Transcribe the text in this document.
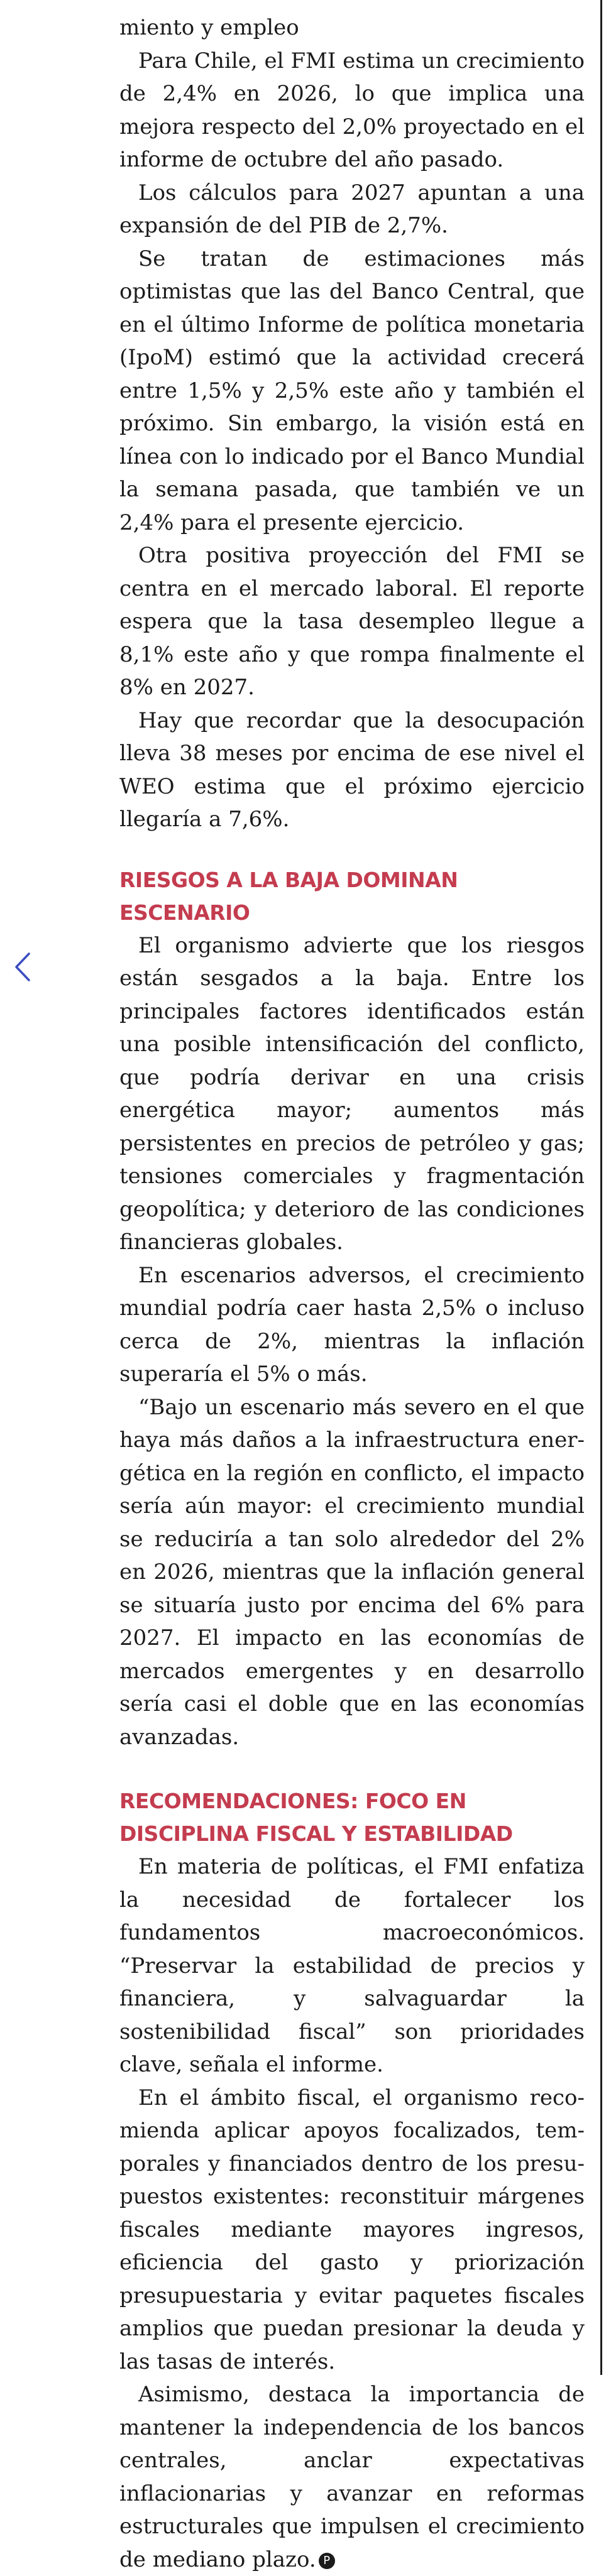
miento y empleo

Para Chile, el FMI estima un crecimiento de 2,4% en 2026, lo que implica una mejora respecto del 2,0% proyectado en el informe de octubre del año pasado.

Los cálculos para 2027 apuntan a una expansión de del PIB de 2,7%.

Se tratan de estimaciones más optimistas que las del Banco Central, que en el último Informe de política monetaria (IpoM) estimó que la actividad crecerá entre 1,5% y 2,5% este año y también el próximo. Sin embargo, la visión está en línea con lo indicado por el Banco Mundial la semana pasada, que también ve un 2,4% para el presente ejercicio.

Otra positiva proyección del FMI se centra en el mercado laboral. El reporte espera que la tasa desempleo llegue a 8,1% este año y que rompa finalmente el 8% en 2027.

Hay que recordar que la desocupación lleva 38 meses por encima de ese nivel el WEO estima que el próximo ejercicio llegaría a 7,6%.

RIESGOS A LA BAJA DOMINAN ESCENARIO

El organismo advierte que los riesgos están sesgados a la baja. Entre los principales factores identificados están una posible intensificación del conflicto, que podría derivar en una crisis energética mayor; aumentos más persistentes en precios de petróleo y gas; tensiones comerciales y fragmentación geopolítica; y deterioro de las condiciones financieras globales.

En escenarios adversos, el crecimiento mundial podría caer hasta 2,5% o incluso cerca de 2%, mientras la inflación superaría el 5% o más.

“Bajo un escenario más severo en el que haya más daños a la infraestructura energética en la región en conflicto, el impacto sería aún mayor: el crecimiento mundial se reduciría a tan solo alrededor del 2% en 2026, mientras que la inflación general se situaría justo por encima del 6% para 2027. El impacto en las economías de mercados emergentes y en desarrollo sería casi el doble que en las economías avanzadas.

RECOMENDACIONES: FOCO EN
DISCIPLINA FISCAL Y ESTABILIDAD

En materia de políticas, el FMI enfatiza la necesidad de fortalecer los fundamentos macroeconómicos. “Preservar la estabilidad de precios y financiera, y salvaguardar la sostenibilidad fiscal” son prioridades clave, señala el informe.

En el ámbito fiscal, el organismo recomienda aplicar apoyos focalizados, temporales y financiados dentro de los presupuestos existentes: reconstituir márgenes fiscales mediante mayores ingresos, eficiencia del gasto y priorización presupuestaria y evitar paquetes fiscales amplios que puedan presionar la deuda y las tasas de interés.

Asimismo, destaca la importancia de mantener la independencia de los bancos centrales, anclar expectativas inflacionarias y avanzar en reformas estructurales que impulsen el crecimiento de mediano plazo. P
